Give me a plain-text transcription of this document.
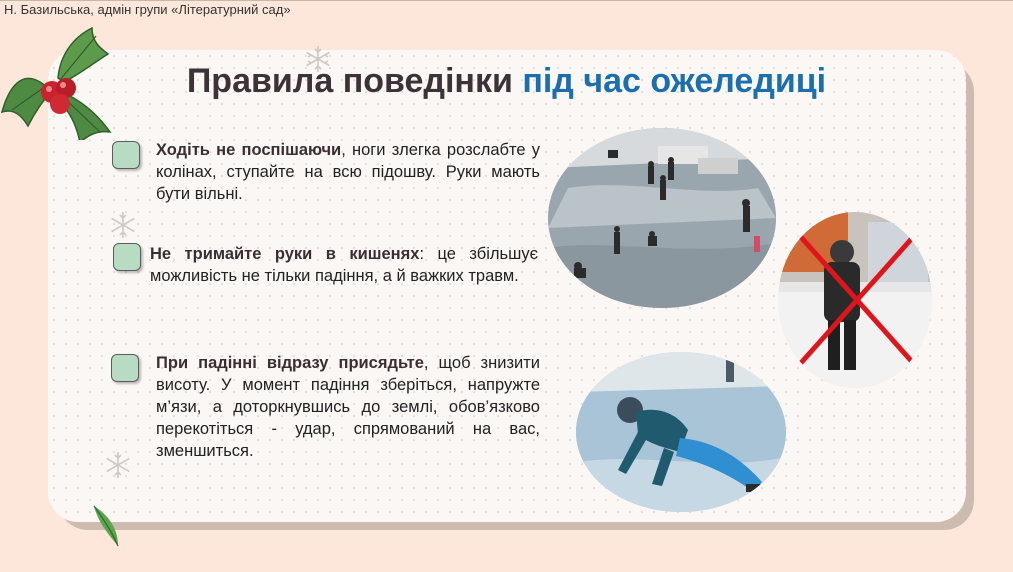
Н. Базильська, адмін групи «Літературний сад»
Правила поведінки під час ожеледиці
Ходіть не поспішаючи, ноги злегка розслабте у колінах, ступайте на всю підошву. Руки мають бути вільні.
Не тримайте руки в кишенях: це збільшує можливість не тільки падіння, а й важких травм.
При падінні відразу присядьте, щоб знизити висоту. У момент падіння зберіться, напружте м’язи, а доторкнувшись до землі, обов’язково перекотіться - удар, спрямований на вас, зменшиться.
